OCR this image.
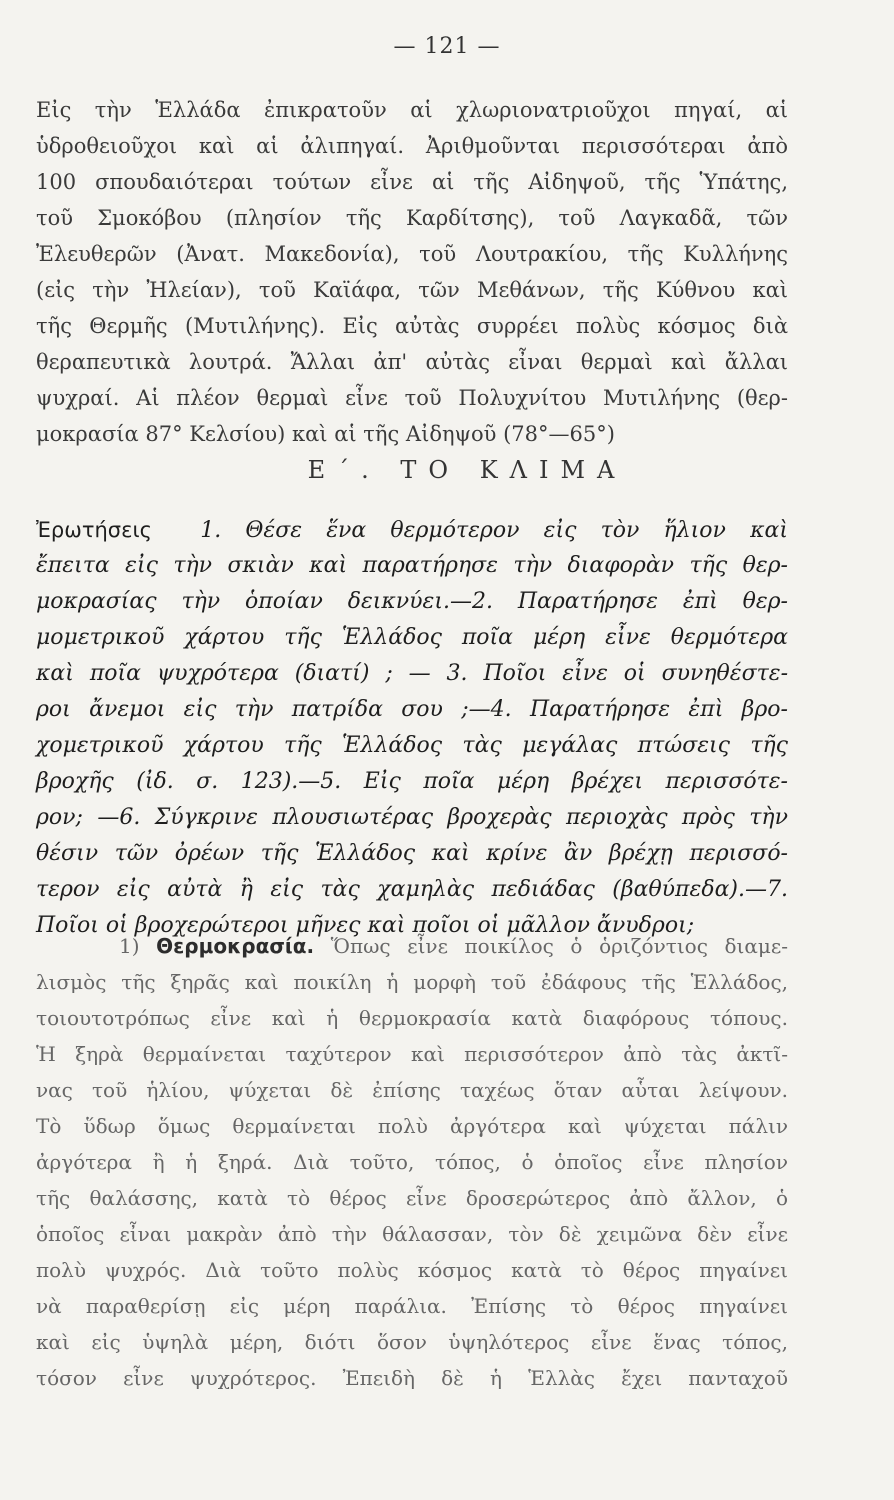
— 121 —
Εἰς τὴν Ἑλλάδα ἐπικρατοῦν αἱ χλωριονατριοῦχοι πηγαί, αἱ
ὑδροθειοῦχοι καὶ αἱ ἀλιπηγαί. Ἀριθμοῦνται περισσότεραι ἀπὸ
100 σπουδαιότεραι τούτων εἶνε αἱ τῆς Αἰδηψοῦ, τῆς Ὑπάτης,
τοῦ Σμοκόβου (πλησίον τῆς Καρδίτσης), τοῦ Λαγκαδᾶ, τῶν
Ἐλευθερῶν (Ἀνατ. Μακεδονία), τοῦ Λουτρακίου, τῆς Κυλλήνης
(εἰς τὴν Ἠλείαν), τοῦ Καϊάφα, τῶν Μεθάνων, τῆς Κύθνου καὶ
τῆς Θερμῆς (Μυτιλήνης). Εἰς αὐτὰς συρρέει πολὺς κόσμος διὰ
θεραπευτικὰ λουτρά. Ἄλλαι ἀπ' αὐτὰς εἶναι θερμαὶ καὶ ἄλλαι
ψυχραί. Αἱ πλέον θερμαὶ εἶνε τοῦ Πολυχνίτου Μυτιλήνης (θερ-
μοκρασία 87° Κελσίου) καὶ αἱ τῆς Αἰδηψοῦ (78°—65°)
Ε΄. ΤΟ ΚΛΙΜΑ
Ἐρωτήσεις 1. Θέσε ἕνα θερμότερον εἰς τὸν ἥλιον καὶ
ἔπειτα εἰς τὴν σκιὰν καὶ παρατήρησε τὴν διαφορὰν τῆς θερ-
μοκρασίας τὴν ὁποίαν δεικνύει.—2. Παρατήρησε ἐπὶ θερ-
μομετρικοῦ χάρτου τῆς Ἑλλάδος ποῖα μέρη εἶνε θερμότερα
καὶ ποῖα ψυχρότερα (διατί) ; — 3. Ποῖοι εἶνε οἱ συνηθέστε-
ροι ἄνεμοι εἰς τὴν πατρίδα σου ;—4. Παρατήρησε ἐπὶ βρο-
χομετρικοῦ χάρτου τῆς Ἑλλάδος τὰς μεγάλας πτώσεις τῆς
βροχῆς (ἰδ. σ. 123).—5. Εἰς ποῖα μέρη βρέχει περισσότε-
ρον; —6. Σύγκρινε πλουσιωτέρας βροχερὰς περιοχὰς πρὸς τὴν
θέσιν τῶν ὀρέων τῆς Ἑλλάδος καὶ κρίνε ἂν βρέχῃ περισσό-
τερον εἰς αὐτὰ ἢ εἰς τὰς χαμηλὰς πεδιάδας (βαθύπεδα).—7.
Ποῖοι οἱ βροχερώτεροι μῆνες καὶ ποῖοι οἱ μᾶλλον ἄνυδροι;
1) Θερμοκρασία. Ὅπως εἶνε ποικίλος ὁ ὁριζόντιος διαμε-
λισμὸς τῆς ξηρᾶς καὶ ποικίλη ἡ μορφὴ τοῦ ἐδάφους τῆς Ἑλλάδος,
τοιουτοτρόπως εἶνε καὶ ἡ θερμοκρασία κατὰ διαφόρους τόπους.
Ἡ ξηρὰ θερμαίνεται ταχύτερον καὶ περισσότερον ἀπὸ τὰς ἀκτῖ-
νας τοῦ ἡλίου, ψύχεται δὲ ἐπίσης ταχέως ὅταν αὗται λείψουν.
Τὸ ὕδωρ ὅμως θερμαίνεται πολὺ ἀργότερα καὶ ψύχεται πάλιν
ἀργότερα ἢ ἡ ξηρά. Διὰ τοῦτο, τόπος, ὁ ὁποῖος εἶνε πλησίον
τῆς θαλάσσης, κατὰ τὸ θέρος εἶνε δροσερώτερος ἀπὸ ἄλλον, ὁ
ὁποῖος εἶναι μακρὰν ἀπὸ τὴν θάλασσαν, τὸν δὲ χειμῶνα δὲν εἶνε
πολὺ ψυχρός. Διὰ τοῦτο πολὺς κόσμος κατὰ τὸ θέρος πηγαίνει
νὰ παραθερίσῃ εἰς μέρη παράλια. Ἐπίσης τὸ θέρος πηγαίνει
καὶ εἰς ὑψηλὰ μέρη, διότι ὅσον ὑψηλότερος εἶνε ἕνας τόπος,
τόσον εἶνε ψυχρότερος. Ἐπειδὴ δὲ ἡ Ἑλλὰς ἔχει πανταχοῦ
